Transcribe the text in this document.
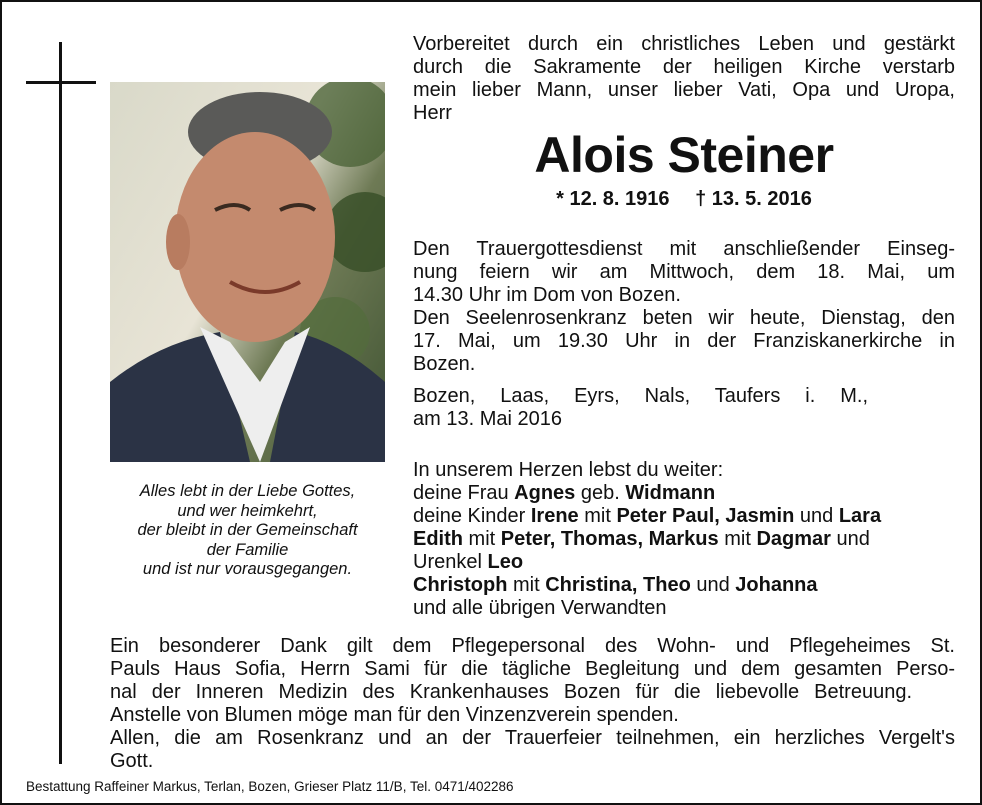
Alles lebt in der Liebe Gottes,
und wer heimkehrt,
der bleibt in der Gemeinschaft
der Familie
und ist nur vorausgegangen.
Vorbereitet durch ein christliches Leben und gestärkt
durch die Sakramente der heiligen Kirche verstarb
mein lieber Mann, unser lieber Vati, Opa und Uropa,
Herr
Alois Steiner
* 12. 8. 1916 † 13. 5. 2016
Den Trauergottesdienst mit anschließender Einseg-
nung feiern wir am Mittwoch, dem 18. Mai, um
14.30 Uhr im Dom von Bozen.
Den Seelenrosenkranz beten wir heute, Dienstag, den
17. Mai, um 19.30 Uhr in der Franziskanerkirche in
Bozen.
Bozen, Laas, Eyrs, Nals, Taufers i. M.,
am 13. Mai 2016
In unserem Herzen lebst du weiter:
deine Frau Agnes geb. Widmann
deine Kinder Irene mit Peter Paul, Jasmin und Lara
Edith mit Peter, Thomas, Markus mit Dagmar und
Urenkel Leo
Christoph mit Christina, Theo und Johanna
und alle übrigen Verwandten
Ein besonderer Dank gilt dem Pflegepersonal des Wohn- und Pflegeheimes St.
Pauls Haus Sofia, Herrn Sami für die tägliche Begleitung und dem gesamten Perso-
nal der Inneren Medizin des Krankenhauses Bozen für die liebevolle Betreuung.
Anstelle von Blumen möge man für den Vinzenzverein spenden.
Allen, die am Rosenkranz und an der Trauerfeier teilnehmen, ein herzliches Vergelt's
Gott.
Bestattung Raffeiner Markus, Terlan, Bozen, Grieser Platz 11/B, Tel. 0471/402286
